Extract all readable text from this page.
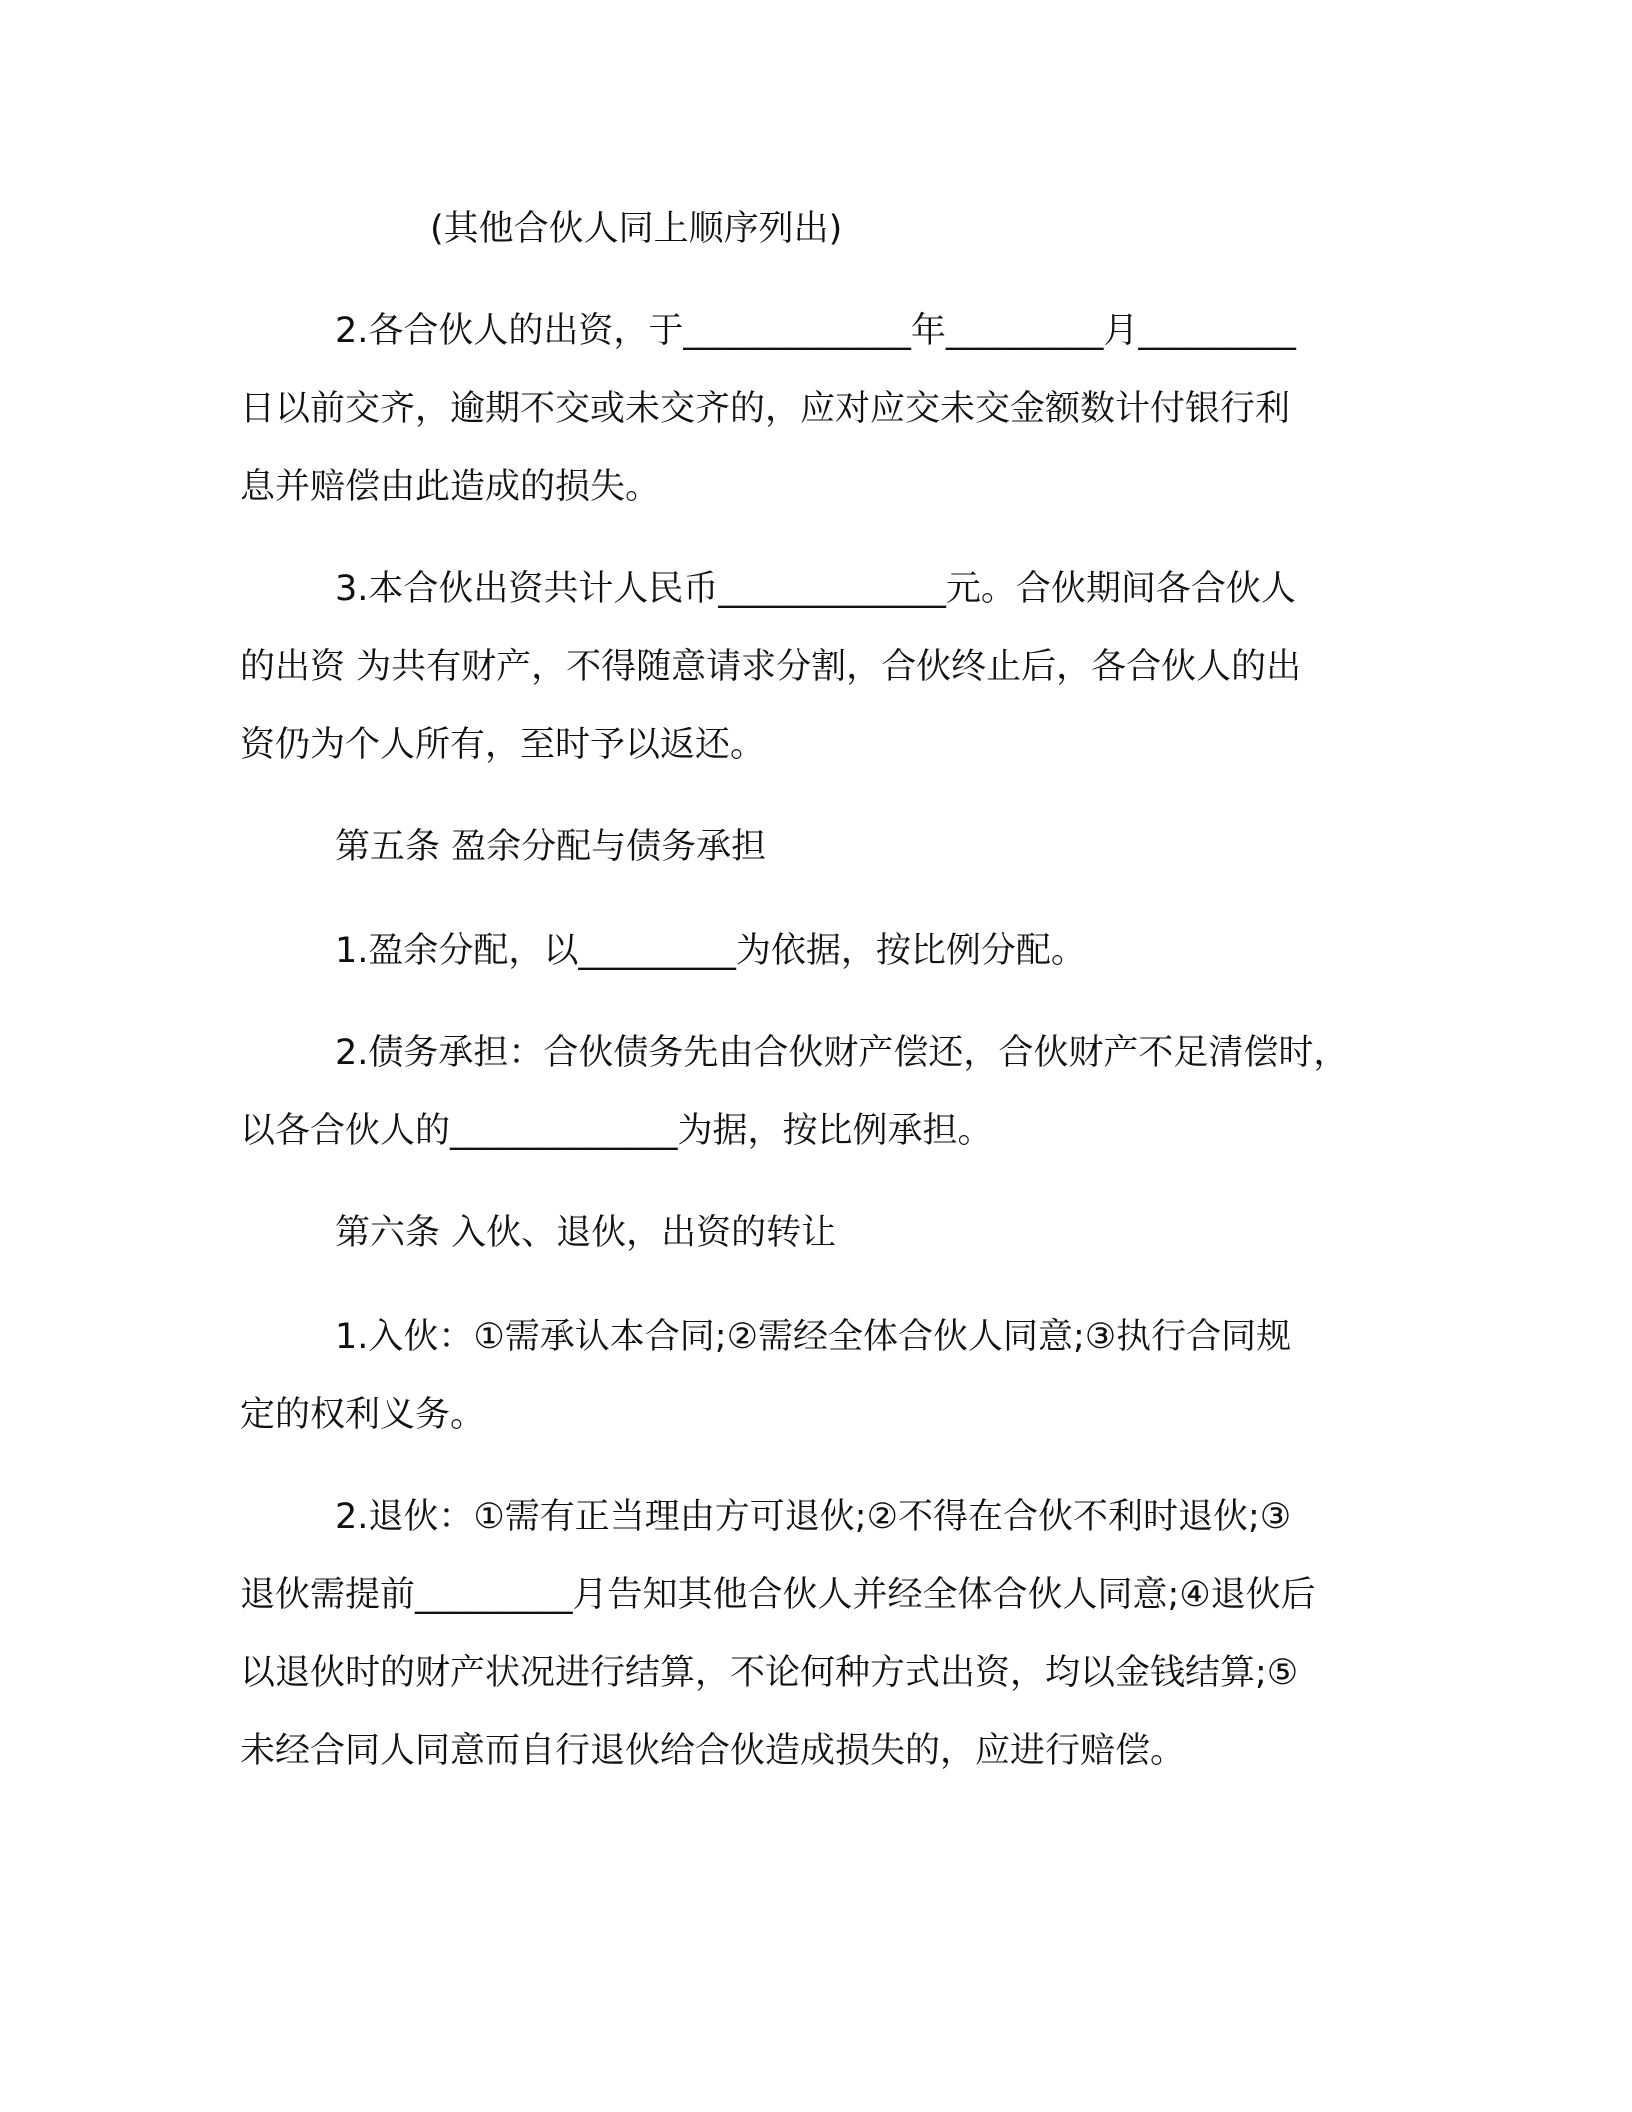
(其他合伙人同上顺序列出)
2.各合伙人的出资，于_____________年_________月_________
日以前交齐，逾期不交或未交齐的，应对应交未交金额数计付银行利
息并赔偿由此造成的损失。
3.本合伙出资共计人民币_____________元。合伙期间各合伙人
的出资 为共有财产，不得随意请求分割，合伙终止后，各合伙人的出
资仍为个人所有，至时予以返还。
第五条 盈余分配与债务承担
1.盈余分配，以_________为依据，按比例分配。
2.债务承担：合伙债务先由合伙财产偿还，合伙财产不足清偿时，
以各合伙人的_____________为据，按比例承担。
第六条 入伙、退伙，出资的转让
1.入伙：①需承认本合同;②需经全体合伙人同意;③执行合同规
定的权利义务。
2.退伙：①需有正当理由方可退伙;②不得在合伙不利时退伙;③
退伙需提前_________月告知其他合伙人并经全体合伙人同意;④退伙后
以退伙时的财产状况进行结算，不论何种方式出资，均以金钱结算;⑤
未经合同人同意而自行退伙给合伙造成损失的，应进行赔偿。
